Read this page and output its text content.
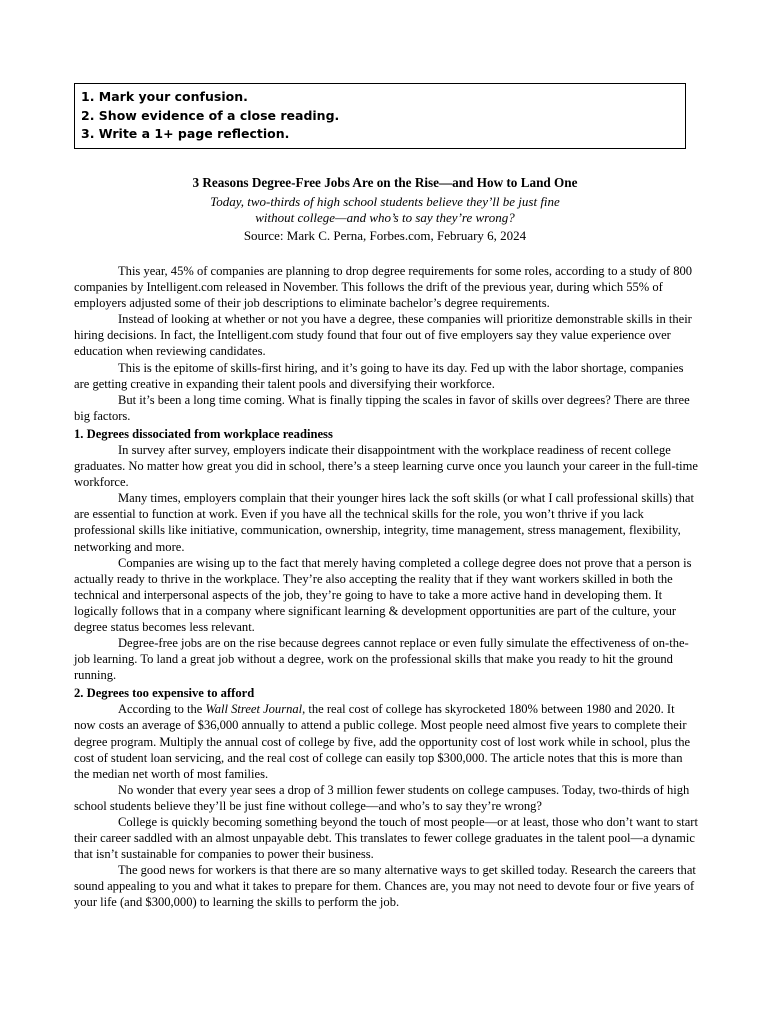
1. Mark your confusion.
2. Show evidence of a close reading.
3. Write a 1+ page reflection.
3 Reasons Degree-Free Jobs Are on the Rise—and How to Land One
Today, two-thirds of high school students believe they’ll be just fine
without college—and who’s to say they’re wrong?
Source: Mark C. Perna, Forbes.com, February 6, 2024

This year, 45% of companies are planning to drop degree requirements for some roles, according to a study of 800 companies by Intelligent.com released in November. This follows the drift of the previous year, during which 55% of employers adjusted some of their job descriptions to eliminate bachelor’s degree requirements.

Instead of looking at whether or not you have a degree, these companies will prioritize demonstrable skills in their hiring decisions. In fact, the Intelligent.com study found that four out of five employers say they value experience over education when reviewing candidates.

This is the epitome of skills-first hiring, and it’s going to have its day. Fed up with the labor shortage, companies are getting creative in expanding their talent pools and diversifying their workforce.

But it’s been a long time coming. What is finally tipping the scales in favor of skills over degrees? There are three big factors.

1. Degrees dissociated from workplace readiness

In survey after survey, employers indicate their disappointment with the workplace readiness of recent college graduates. No matter how great you did in school, there’s a steep learning curve once you launch your career in the full-time workforce.

Many times, employers complain that their younger hires lack the soft skills (or what I call professional skills) that are essential to function at work. Even if you have all the technical skills for the role, you won’t thrive if you lack professional skills like initiative, communication, ownership, integrity, time management, stress management, flexibility, networking and more.

Companies are wising up to the fact that merely having completed a college degree does not prove that a person is actually ready to thrive in the workplace. They’re also accepting the reality that if they want workers skilled in both the technical and interpersonal aspects of the job, they’re going to have to take a more active hand in developing them. It logically follows that in a company where significant learning & development opportunities are part of the culture, your degree status becomes less relevant.

Degree-free jobs are on the rise because degrees cannot replace or even fully simulate the effectiveness of on-the-job learning. To land a great job without a degree, work on the professional skills that make you ready to hit the ground running.

2. Degrees too expensive to afford

According to the Wall Street Journal, the real cost of college has skyrocketed 180% between 1980 and 2020. It now costs an average of $36,000 annually to attend a public college. Most people need almost five years to complete their degree program. Multiply the annual cost of college by five, add the opportunity cost of lost work while in school, plus the cost of student loan servicing, and the real cost of college can easily top $300,000. The article notes that this is more than the median net worth of most families.

No wonder that every year sees a drop of 3 million fewer students on college campuses. Today, two-thirds of high school students believe they’ll be just fine without college—and who’s to say they’re wrong?

College is quickly becoming something beyond the touch of most people—or at least, those who don’t want to start their career saddled with an almost unpayable debt. This translates to fewer college graduates in the talent pool—a dynamic that isn’t sustainable for companies to power their business.

The good news for workers is that there are so many alternative ways to get skilled today. Research the careers that sound appealing to you and what it takes to prepare for them. Chances are, you may not need to devote four or five years of your life (and $300,000) to learning the skills to perform the job.
